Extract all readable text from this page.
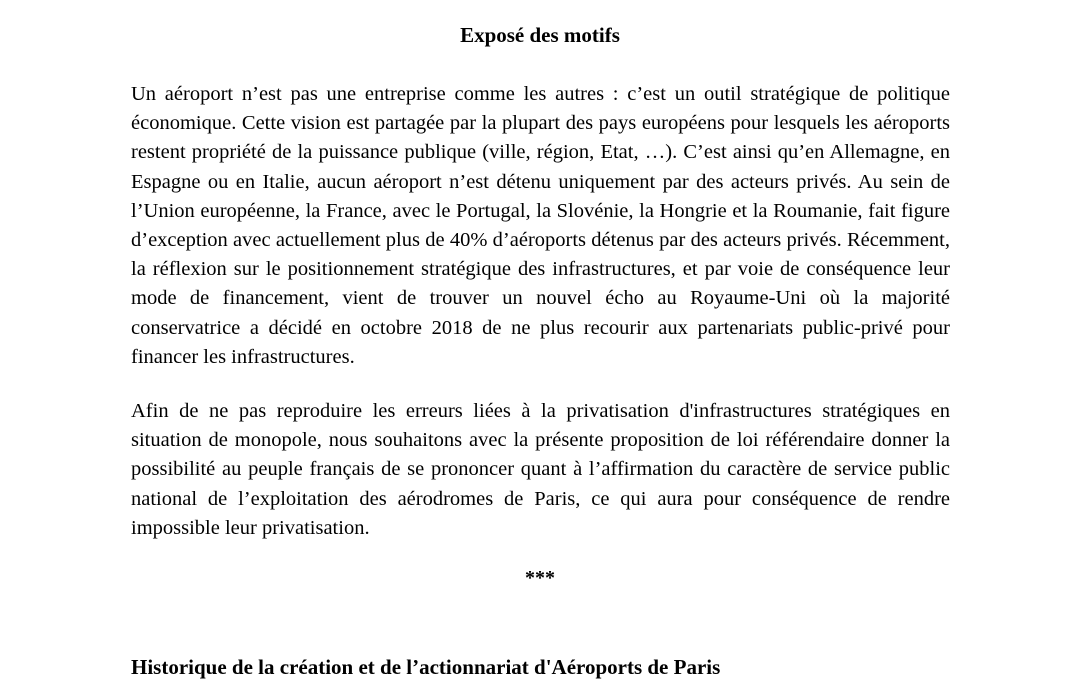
Exposé des motifs

Un aéroport n’est pas une entreprise comme les autres : c’est un outil stratégique de politique économique. Cette vision est partagée par la plupart des pays européens pour lesquels les aéroports restent propriété de la puissance publique (ville, région, Etat, …). C’est ainsi qu’en Allemagne, en Espagne ou en Italie, aucun aéroport n’est détenu uniquement par des acteurs privés. Au sein de l’Union européenne, la France, avec le Portugal, la Slovénie, la Hongrie et la Roumanie, fait figure d’exception avec actuellement plus de 40% d’aéroports détenus par des acteurs privés. Récemment, la réflexion sur le positionnement stratégique des infrastructures, et par voie de conséquence leur mode de financement, vient de trouver un nouvel écho au Royaume-Uni où la majorité conservatrice a décidé en octobre 2018 de ne plus recourir aux partenariats public-privé pour financer les infrastructures.

Afin de ne pas reproduire les erreurs liées à la privatisation d'infrastructures stratégiques en situation de monopole, nous souhaitons avec la présente proposition de loi référendaire donner la possibilité au peuple français de se prononcer quant à l’affirmation du caractère de service public national de l’exploitation des aérodromes de Paris, ce qui aura pour conséquence de rendre impossible leur privatisation.

***
Historique de la création et de l’actionnariat d'Aéroports de Paris
